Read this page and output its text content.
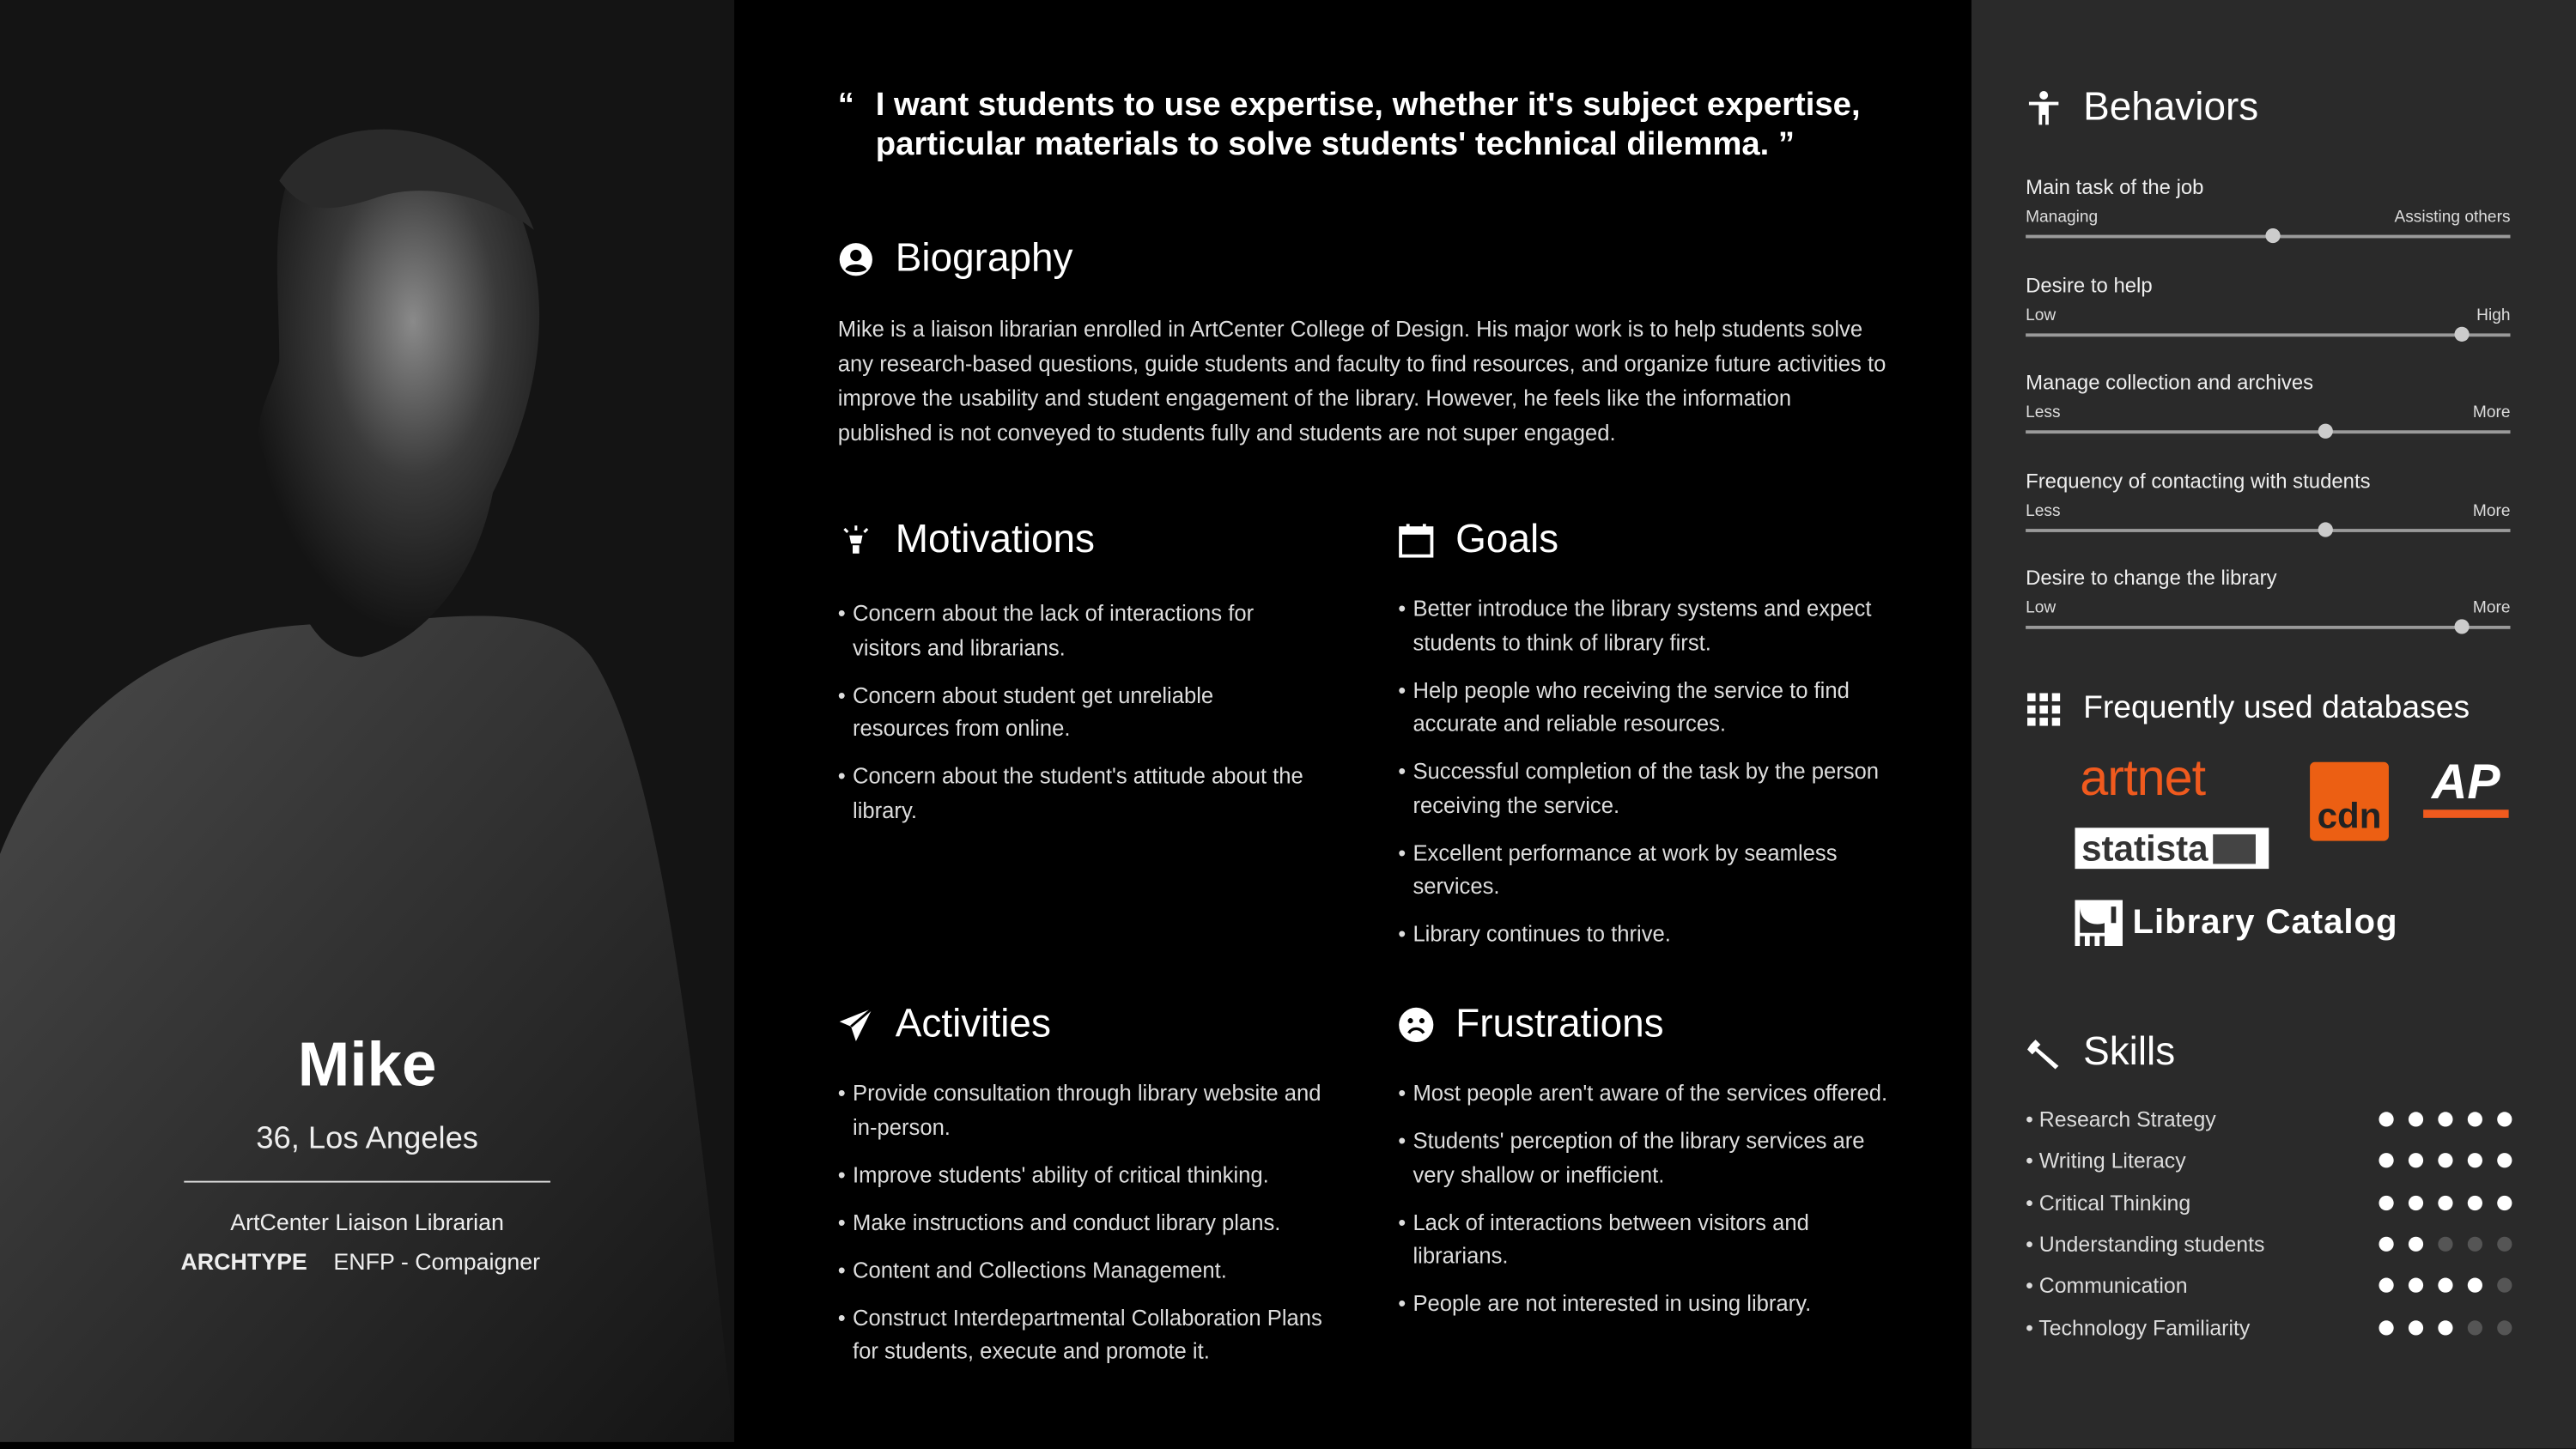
Mike
36, Los Angeles
ArtCenter Liaison Librarian
ARCHTYPE ENFP - Compaigner
“ I want students to use expertise, whether it's subject expertise, particular materials to solve students' technical dilemma. ”
Biography
Mike is a liaison librarian enrolled in ArtCenter College of Design. His major work is to help students solve any research-based questions, guide students and faculty to find resources, and organize future activities to improve the usability and student engagement of the library. However, he feels like the information published is not conveyed to students fully and students are not super engaged.
Motivations
• Concern about the lack of interactions for visitors and librarians.
• Concern about student get unreliable resources from online.
• Concern about the student's attitude about the library.
Goals
• Better introduce the library systems and expect students to think of library first.
• Help people who receiving the service to find accurate and reliable resources.
• Successful completion of the task by the person receiving the service.
• Excellent performance at work by seamless services.
• Library continues to thrive.
Activities
• Provide consultation through library website and in-person.
• Improve students' ability of critical thinking.
• Make instructions and conduct library plans.
• Content and Collections Management.
• Construct Interdepartmental Collaboration Plans for students, execute and promote it.
Frustrations
• Most people aren't aware of the services offered.
• Students' perception of the library services are very shallow or inefficient.
• Lack of interactions between visitors and librarians.
• People are not interested in using library.
Behaviors
Main task of the job
Managing	Assisting others
Desire to help
Low	High
Manage collection and archives
Less	More
Frequency of contacting with students
Less	More
Desire to change the library
Low	More
Frequently used databases
artnet
cdn
AP
statista
Library Catalog
Skills
• Research Strategy
• Writing Literacy
• Critical Thinking
• Understanding students
• Communication
• Technology Familiarity
